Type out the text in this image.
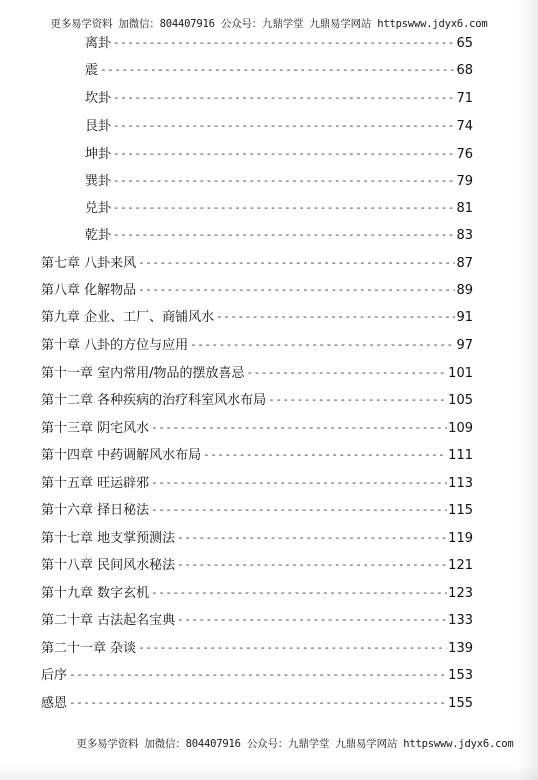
更多易学资料 加微信：804407916 公众号：九鼎学堂 九鼎易学网站 httpswww.jdyx6.com
离卦 -----	65
震 -----	68
坎卦 -----	71
艮卦 -----	74
坤卦 -----	76
巽卦 -----	79
兑卦 -----	81
乾卦 -----	83
第七章 八卦来风 -----	87
第八章 化解物品 -----	89
第九章 企业、工厂、商铺风水 -----	91
第十章 八卦的方位与应用 -----	97
第十一章 室内常用/物品的摆放喜忌 -----	101
第十二章 各种疾病的治疗科室风水布局 -----	105
第十三章 阴宅风水 -----	109
第十四章 中药调解风水布局 -----	111
第十五章 旺运辟邪 -----	113
第十六章 择日秘法 -----	115
第十七章 地支掌预测法 -----	119
第十八章 民间风水秘法 -----	121
第十九章 数字玄机 -----	123
第二十章 古法起名宝典 -----	133
第二十一章 杂谈 -----	139
后序 -----	153
感恩 -----	155
更多易学资料 加微信：804407916 公众号：九鼎学堂 九鼎易学网站 httpswww.jdyx6.com
